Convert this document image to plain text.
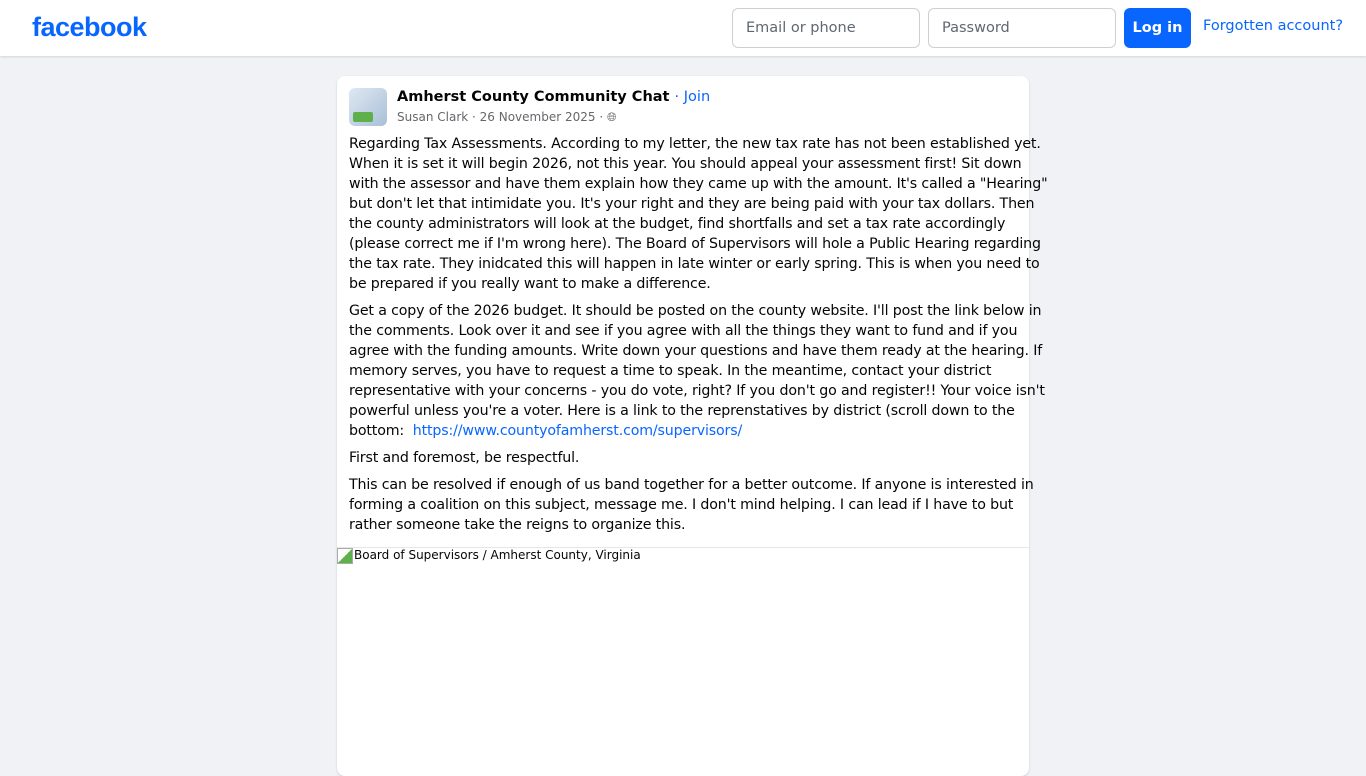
facebook	Email or phone	Password	Log in	Forgotten account?
Amherst County Community Chat · Join
Susan Clark · 26 November 2025 · 🌐︎

Regarding Tax Assessments. According to my letter, the new tax rate has not been established yet.
When it is set it will begin 2026, not this year. You should appeal your assessment first! Sit down
with the assessor and have them explain how they came up with the amount. It's called a "Hearing"
but don't let that intimidate you. It's your right and they are being paid with your tax dollars. Then
the county administrators will look at the budget, find shortfalls and set a tax rate accordingly
(please correct me if I'm wrong here). The Board of Supervisors will hole a Public Hearing regarding
the tax rate. They inidcated this will happen in late winter or early spring. This is when you need to
be prepared if you really want to make a difference.

Get a copy of the 2026 budget. It should be posted on the county website. I'll post the link below in
the comments. Look over it and see if you agree with all the things they want to fund and if you
agree with the funding amounts. Write down your questions and have them ready at the hearing. If
memory serves, you have to request a time to speak. In the meantime, contact your district
representative with your concerns - you do vote, right? If you don't go and register!! Your voice isn't
powerful unless you're a voter. Here is a link to the reprenstatives by district (scroll down to the
bottom:  https://www.countyofamherst.com/supervisors/

First and foremost, be respectful.

This can be resolved if enough of us band together for a better outcome. If anyone is interested in
forming a coalition on this subject, message me. I don't mind helping. I can lead if I have to but
rather someone take the reigns to organize this.

Board of Supervisors / Amherst County, Virginia
